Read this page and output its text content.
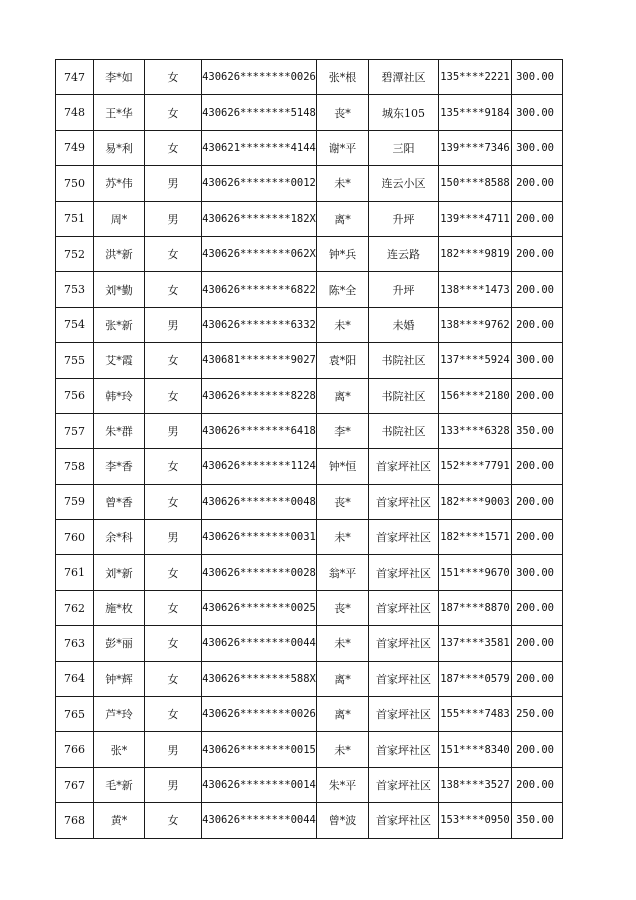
747	李*如	女	430626********0026	张*根	碧潭社区	135****2221	300.00
748	王*华	女	430626********5148	丧*	城东105	135****9184	300.00
749	易*利	女	430621********4144	谢*平	三阳	139****7346	300.00
750	苏*伟	男	430626********0012	未*	连云小区	150****8588	200.00
751	周*	男	430626********182X	离*	升坪	139****4711	200.00
752	洪*新	女	430626********062X	钟*兵	连云路	182****9819	200.00
753	刘*勤	女	430626********6822	陈*全	升坪	138****1473	200.00
754	张*新	男	430626********6332	未*	未婚	138****9762	200.00
755	艾*霞	女	430681********9027	袁*阳	书院社区	137****5924	300.00
756	韩*玲	女	430626********8228	离*	书院社区	156****2180	200.00
757	朱*群	男	430626********6418	李*	书院社区	133****6328	350.00
758	李*香	女	430626********1124	钟*恒	首家坪社区	152****7791	200.00
759	曾*香	女	430626********0048	丧*	首家坪社区	182****9003	200.00
760	余*科	男	430626********0031	未*	首家坪社区	182****1571	200.00
761	刘*新	女	430626********0028	翁*平	首家坪社区	151****9670	300.00
762	施*枚	女	430626********0025	丧*	首家坪社区	187****8870	200.00
763	彭*丽	女	430626********0044	未*	首家坪社区	137****3581	200.00
764	钟*辉	女	430626********588X	离*	首家坪社区	187****0579	200.00
765	芦*玲	女	430626********0026	离*	首家坪社区	155****7483	250.00
766	张*	男	430626********0015	未*	首家坪社区	151****8340	200.00
767	毛*新	男	430626********0014	朱*平	首家坪社区	138****3527	200.00
768	黄*	女	430626********0044	曾*波	首家坪社区	153****0950	350.00
